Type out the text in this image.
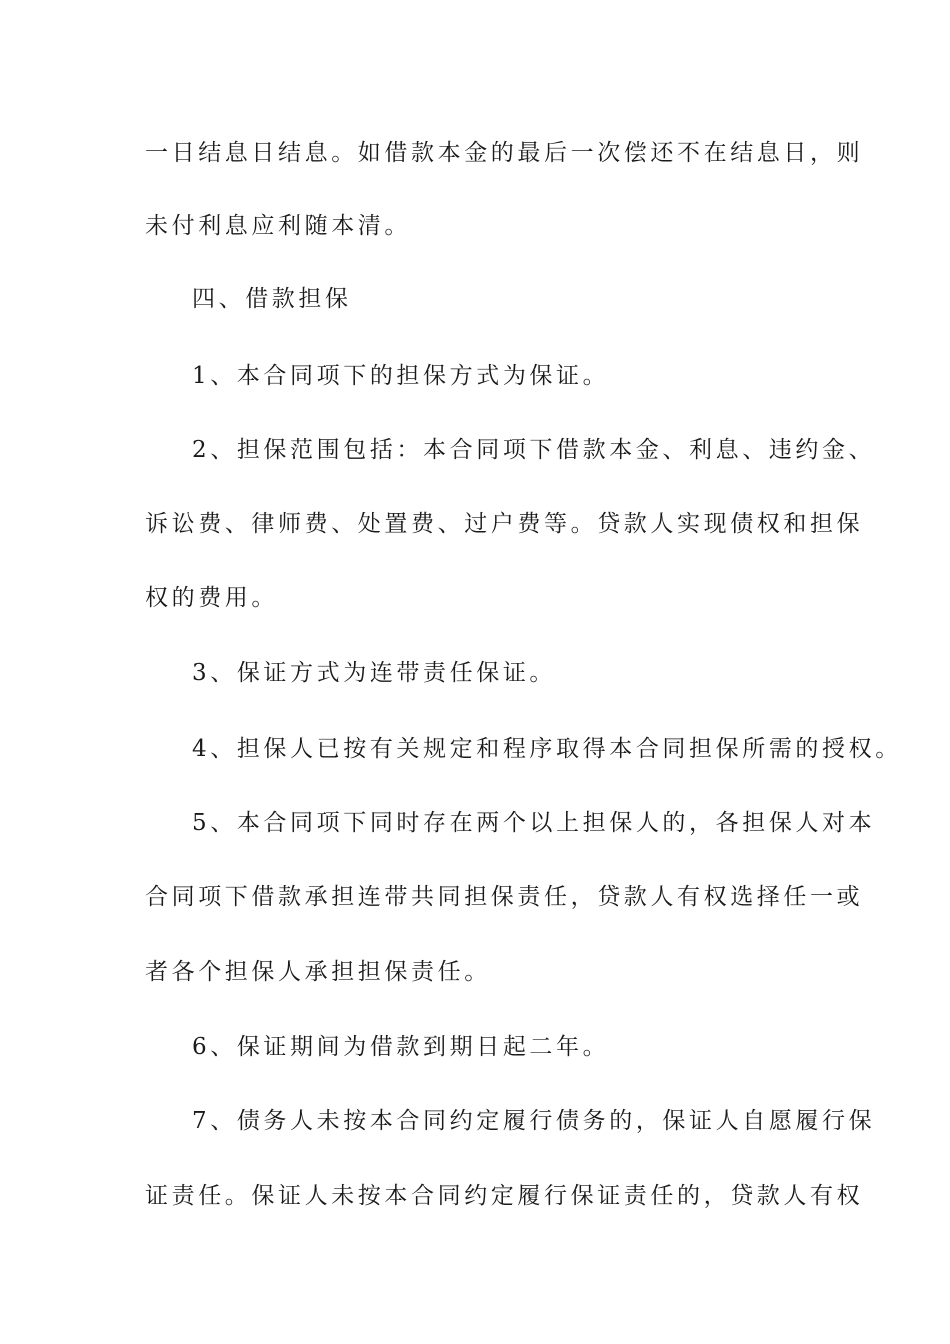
一日结息日结息。如借款本金的最后一次偿还不在结息日，则
未付利息应利随本清。
四、借款担保
1、本合同项下的担保方式为保证。
2、担保范围包括：本合同项下借款本金、利息、违约金、
诉讼费、律师费、处置费、过户费等。贷款人实现债权和担保
权的费用。
3、保证方式为连带责任保证。
4、担保人已按有关规定和程序取得本合同担保所需的授权。
5、本合同项下同时存在两个以上担保人的，各担保人对本
合同项下借款承担连带共同担保责任，贷款人有权选择任一或
者各个担保人承担担保责任。
6、保证期间为借款到期日起二年。
7、债务人未按本合同约定履行债务的，保证人自愿履行保
证责任。保证人未按本合同约定履行保证责任的，贷款人有权
